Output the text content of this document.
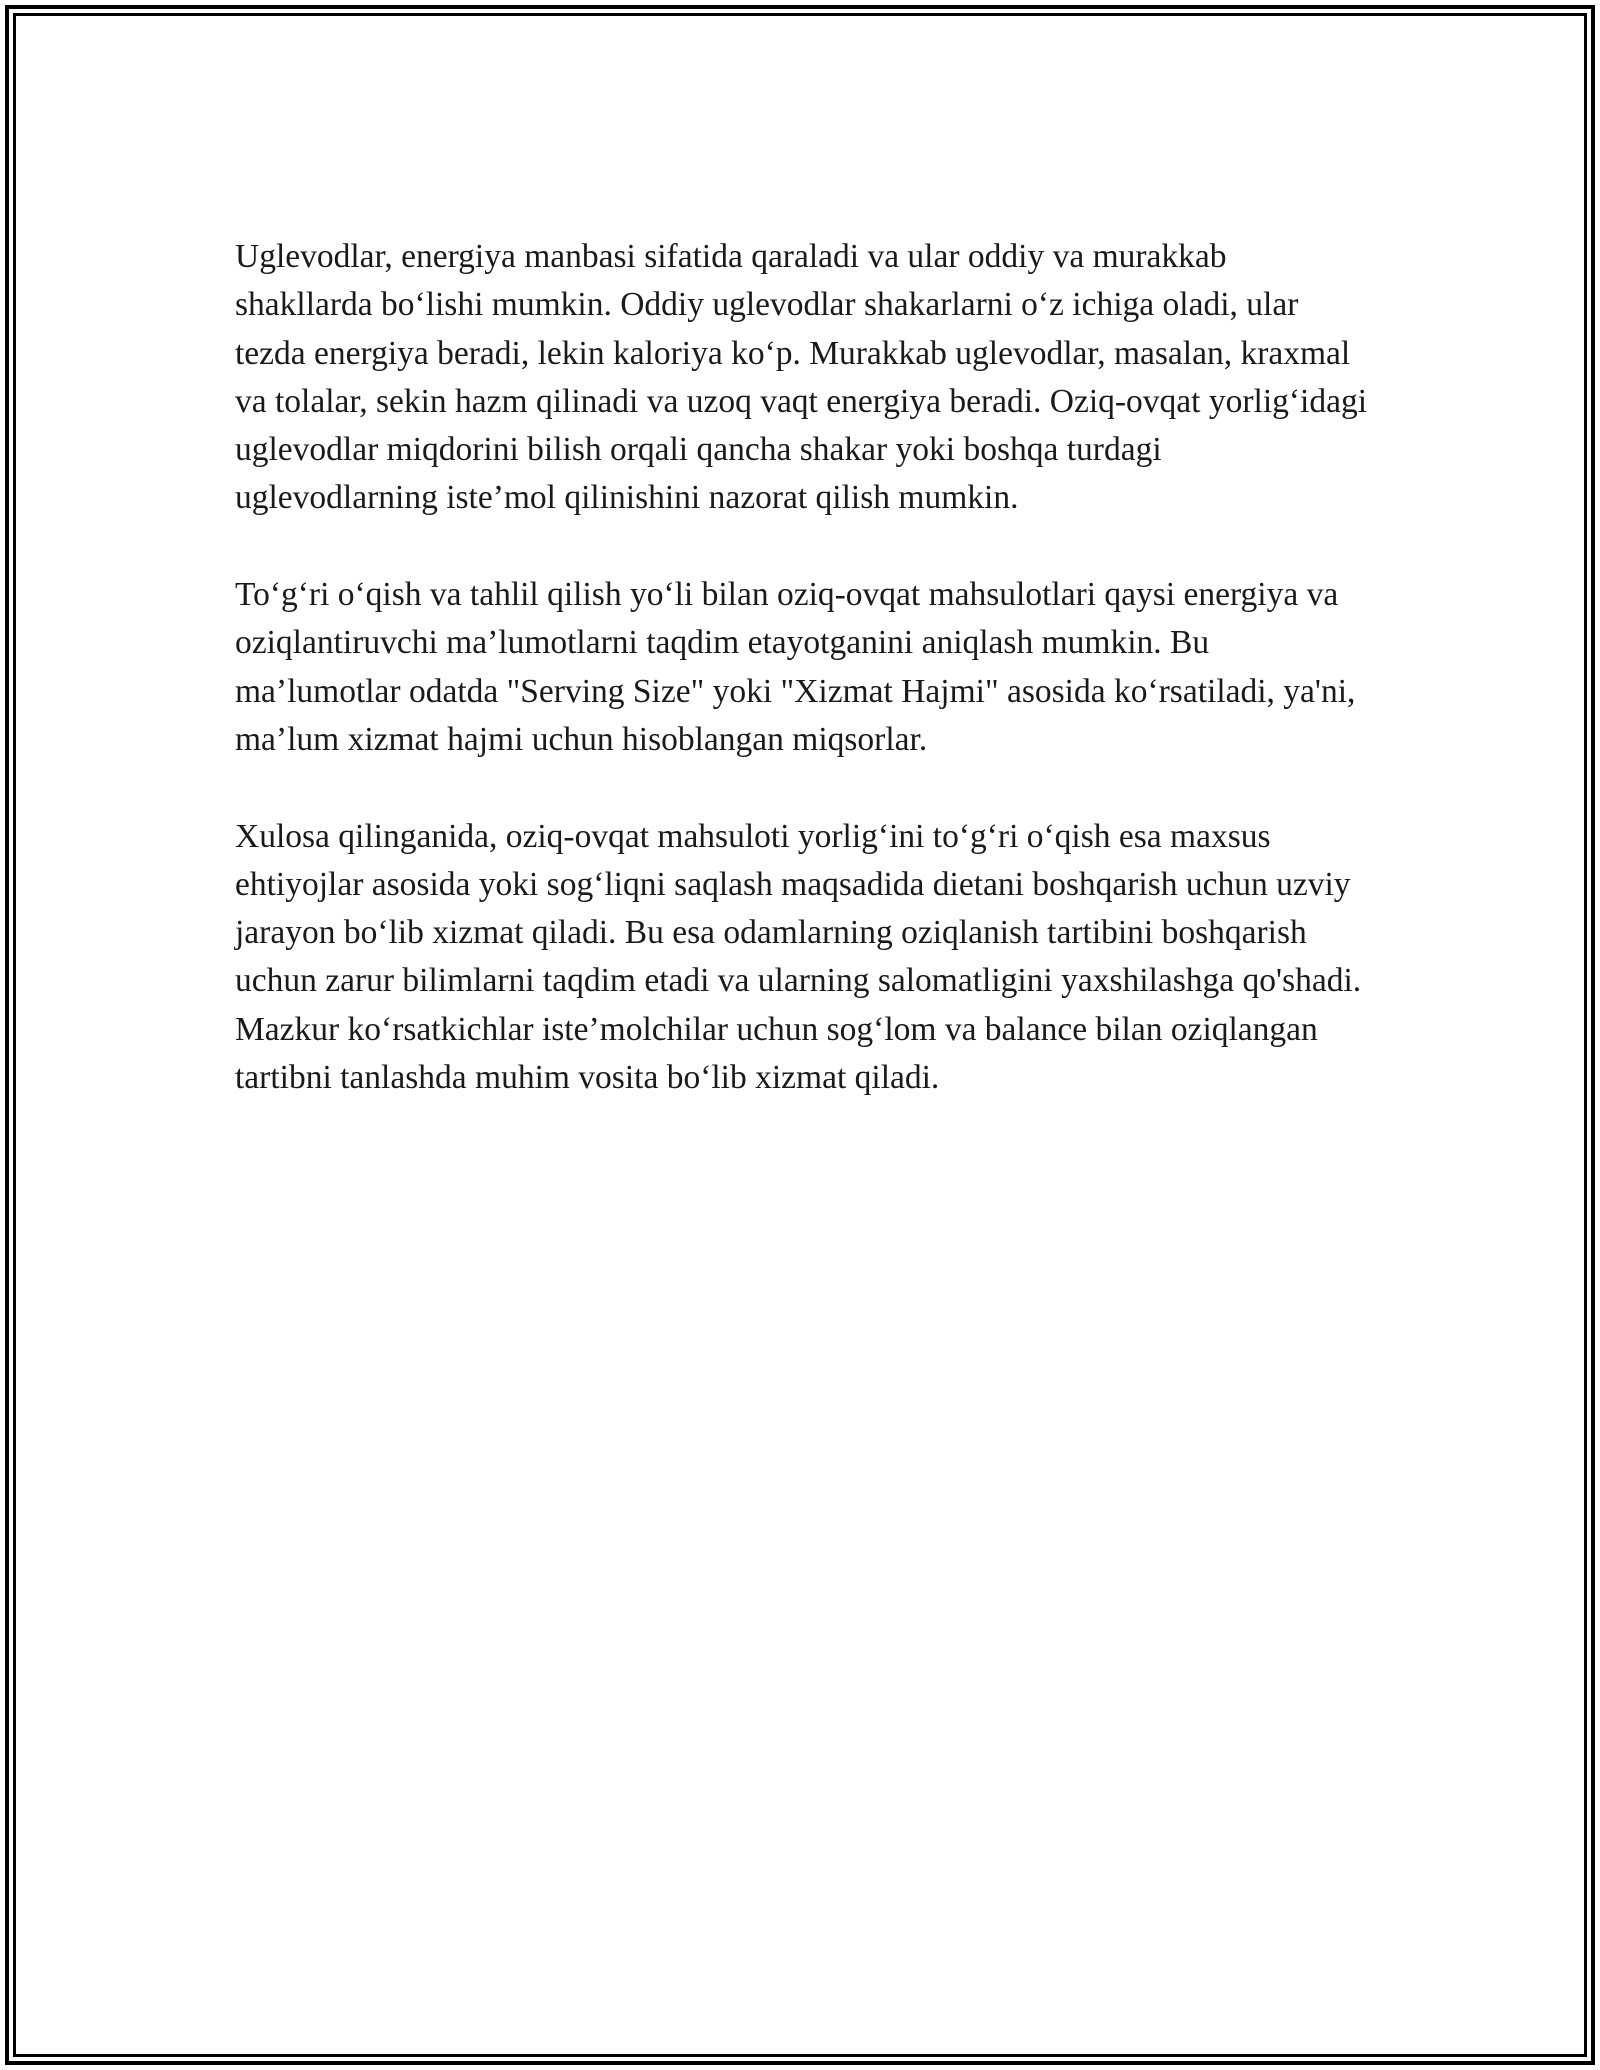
Uglevodlar, energiya manbasi sifatida qaraladi va ular oddiy va murakkab shakllarda bo‘lishi mumkin. Oddiy uglevodlar shakarlarni o‘z ichiga oladi, ular tezda energiya beradi, lekin kaloriya ko‘p. Murakkab uglevodlar, masalan, kraxmal va tolalar, sekin hazm qilinadi va uzoq vaqt energiya beradi. Oziq-ovqat yorlig‘idagi uglevodlar miqdorini bilish orqali qancha shakar yoki boshqa turdagi uglevodlarning iste’mol qilinishini nazorat qilish mumkin.

To‘g‘ri o‘qish va tahlil qilish yo‘li bilan oziq-ovqat mahsulotlari qaysi energiya va oziqlantiruvchi ma’lumotlarni taqdim etayotganini aniqlash mumkin. Bu ma’lumotlar odatda "Serving Size" yoki "Xizmat Hajmi" asosida ko‘rsatiladi, ya'ni, ma’lum xizmat hajmi uchun hisoblangan miqsorlar.

Xulosa qilinganida, oziq-ovqat mahsuloti yorlig‘ini to‘g‘ri o‘qish esa maxsus ehtiyojlar asosida yoki sog‘liqni saqlash maqsadida dietani boshqarish uchun uzviy jarayon bo‘lib xizmat qiladi. Bu esa odamlarning oziqlanish tartibini boshqarish uchun zarur bilimlarni taqdim etadi va ularning salomatligini yaxshilashga qo'shadi. Mazkur ko‘rsatkichlar iste’molchilar uchun sog‘lom va balance bilan oziqlangan tartibni tanlashda muhim vosita bo‘lib xizmat qiladi.
